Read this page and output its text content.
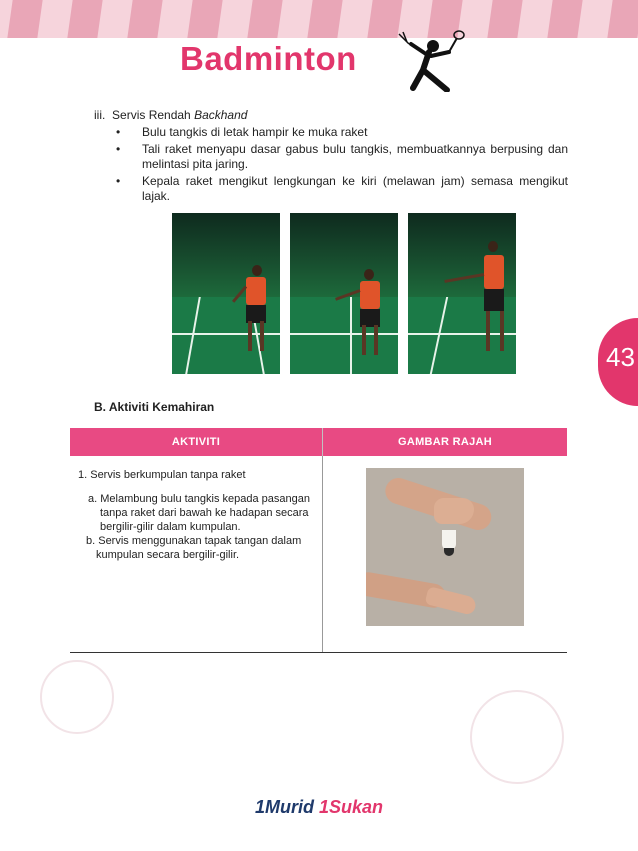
Badminton
iii. Servis Rendah Backhand
• Bulu tangkis di letak hampir ke muka raket
• Tali raket menyapu dasar gabus bulu tangkis, membuatkannya berpusing dan melintasi pita jaring.
• Kepala raket mengikut lengkungan ke kiri (melawan jam) semasa mengikut lajak.
43
B. Aktiviti Kemahiran
AKTIVITI	GAMBAR RAJAH

1. Servis berkumpulan tanpa raket

a. Melambung bulu tangkis kepada pasangan tanpa raket dari bawah ke hadapan secara bergilir-gilir dalam kumpulan.

b. Servis menggunakan tapak tangan dalam kumpulan secara bergilir-gilir.	

1Murid 1Sukan
